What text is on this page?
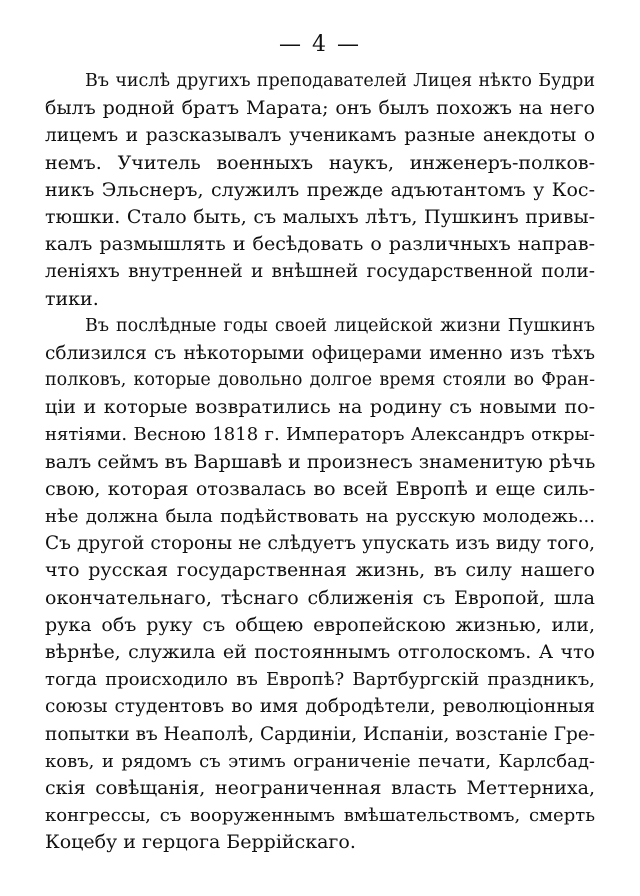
— 4 —
Въ числѣ другихъ преподавателей Лицея нѣкто Будри
былъ родной братъ Марата; онъ былъ похожъ на него
лицемъ и разсказывалъ ученикамъ разные анекдоты о
немъ. Учитель военныхъ наукъ, инженеръ-полков-
никъ Эльснеръ, служилъ прежде адъютантомъ у Кос-
тюшки. Стало быть, съ малыхъ лѣтъ, Пушкинъ привы-
калъ размышлять и бесѣдовать о различныхъ направ-
ленiяхъ внутренней и внѣшней государственной поли-
тики.
Въ послѣдные годы своей лицейской жизни Пушкинъ
сблизился съ нѣкоторыми офицерами именно изъ тѣхъ
полковъ, которые довольно долгое время стояли во Фран-
цiи и которые возвратились на родину съ новыми по-
нятiями. Весною 1818 г. Императоръ Александръ откры-
валъ сеймъ въ Варшавѣ и произнесъ знаменитую рѣчь
свою, которая отозвалась во всей Европѣ и еще силь-
нѣе должна была подѣйствовать на русскую молодежь...
Съ другой стороны не слѣдуетъ упускать изъ виду того,
что русская государственная жизнь, въ силу нашего
окончательнаго, тѣснаго сближенiя съ Европой, шла
рука объ руку съ общею европейскою жизнью, или,
вѣрнѣе, служила ей постояннымъ отголоскомъ. А что
тогда происходило въ Европѣ? Вартбургскiй праздникъ,
союзы студентовъ во имя добродѣтели, революцiонныя
попытки въ Неаполѣ, Сардинiи, Испанiи, возстанiе Гре-
ковъ, и рядомъ съ этимъ ограниченiе печати, Карлсбад-
скiя совѣщанiя, неограниченная власть Меттерниха,
конгрессы, съ вооруженнымъ вмѣшательствомъ, смерть
Коцебу и герцога Беррiйскаго.
